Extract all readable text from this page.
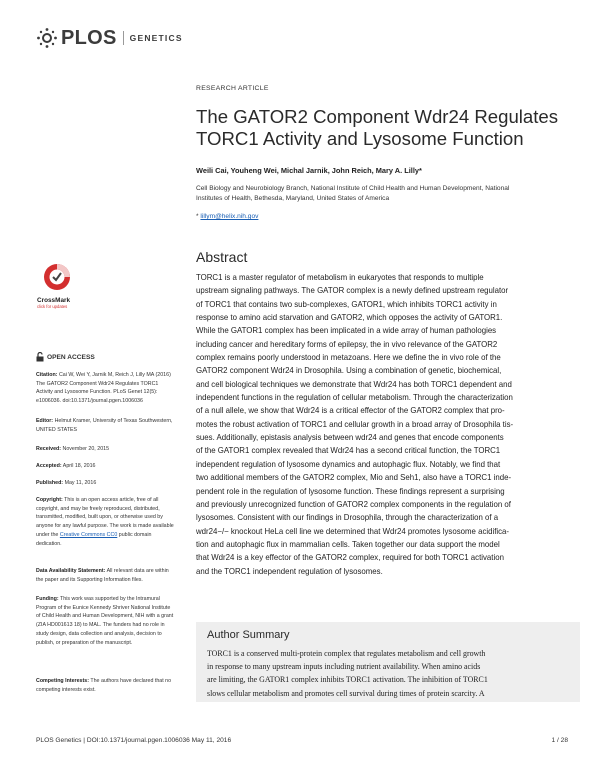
PLOS GENETICS
RESEARCH ARTICLE
The GATOR2 Component Wdr24 Regulates
TORC1 Activity and Lysosome Function
Weili Cai, Youheng Wei, Michal Jarnik, John Reich, Mary A. Lilly*
Cell Biology and Neurobiology Branch, National Institute of Child Health and Human Development, National
Institutes of Health, Bethesda, Maryland, United States of America
* lillym@helix.nih.gov
Abstract
TORC1 is a master regulator of metabolism in eukaryotes that responds to multiple
upstream signaling pathways. The GATOR complex is a newly defined upstream regulator
of TORC1 that contains two sub-complexes, GATOR1, which inhibits TORC1 activity in
response to amino acid starvation and GATOR2, which opposes the activity of GATOR1.
While the GATOR1 complex has been implicated in a wide array of human pathologies
including cancer and hereditary forms of epilepsy, the in vivo relevance of the GATOR2
complex remains poorly understood in metazoans. Here we define the in vivo role of the
GATOR2 component Wdr24 in Drosophila. Using a combination of genetic, biochemical,
and cell biological techniques we demonstrate that Wdr24 has both TORC1 dependent and
independent functions in the regulation of cellular metabolism. Through the characterization
of a null allele, we show that Wdr24 is a critical effector of the GATOR2 complex that pro-
motes the robust activation of TORC1 and cellular growth in a broad array of Drosophila tis-
sues. Additionally, epistasis analysis between wdr24 and genes that encode components
of the GATOR1 complex revealed that Wdr24 has a second critical function, the TORC1
independent regulation of lysosome dynamics and autophagic flux. Notably, we find that
two additional members of the GATOR2 complex, Mio and Seh1, also have a TORC1 inde-
pendent role in the regulation of lysosome function. These findings represent a surprising
and previously unrecognized function of GATOR2 complex components in the regulation of
lysosomes. Consistent with our findings in Drosophila, through the characterization of a
wdr24−/− knockout HeLa cell line we determined that Wdr24 promotes lysosome acidifica-
tion and autophagic flux in mammalian cells. Taken together our data support the model
that Wdr24 is a key effector of the GATOR2 complex, required for both TORC1 activation
and the TORC1 independent regulation of lysosomes.
Author Summary
TORC1 is a conserved multi-protein complex that regulates metabolism and cell growth
in response to many upstream inputs including nutrient availability. When amino acids
are limiting, the GATOR1 complex inhibits TORC1 activation. The inhibition of TORC1
slows cellular metabolism and promotes cell survival during times of protein scarcity. A
CrossMark
click for updates
OPEN ACCESS
Citation: Cai W, Wei Y, Jarnik M, Reich J, Lilly MA (2016) The GATOR2 Component Wdr24 Regulates TORC1 Activity and Lysosome Function. PLoS Genet 12(5): e1006036. doi:10.1371/journal.pgen.1006036
Editor: Helmut Kramer, University of Texas Southwestern, UNITED STATES
Received: November 20, 2015
Accepted: April 18, 2016
Published: May 11, 2016
Copyright: This is an open access article, free of all copyright, and may be freely reproduced, distributed, transmitted, modified, built upon, or otherwise used by anyone for any lawful purpose. The work is made available under the Creative Commons CC0 public domain dedication.
Data Availability Statement: All relevant data are within the paper and its Supporting Information files.
Funding: This work was supported by the Intramural Program of the Eunice Kennedy Shriver National Institute of Child Health and Human Development, NIH with a grant (ZIA HD001613 18) to MAL. The funders had no role in study design, data collection and analysis, decision to publish, or preparation of the manuscript.
Competing Interests: The authors have declared that no competing interests exist.
PLOS Genetics | DOI:10.1371/journal.pgen.1006036 May 11, 2016	1 / 28
